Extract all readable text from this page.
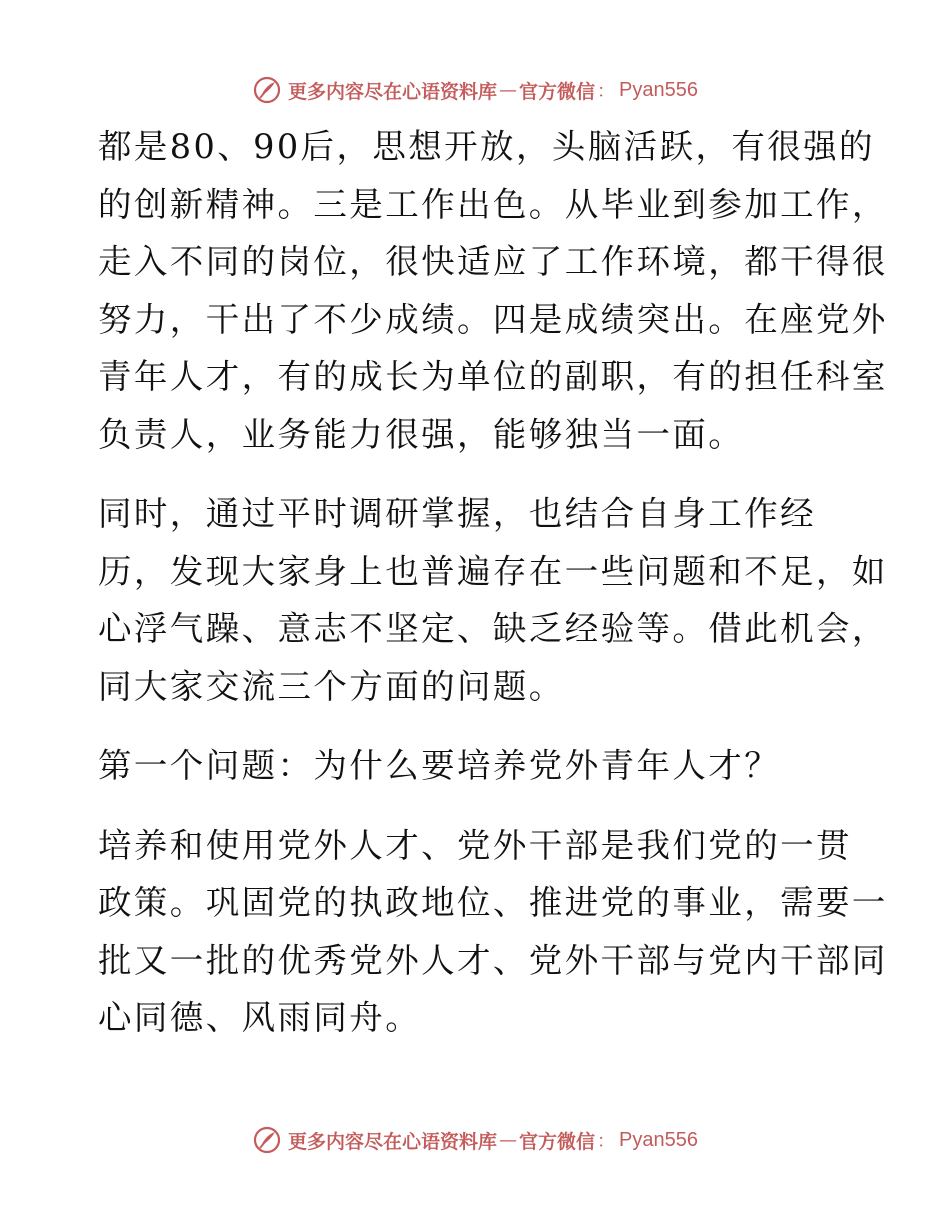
更多内容尽在心语资料库 — 官方微信 ： Pyan556

都是80、90后，思想开放，头脑活跃，有很强的
的创新精神。三是工作出色。从毕业到参加工作，
走入不同的岗位，很快适应了工作环境，都干得很
努力，干出了不少成绩。四是成绩突出。在座党外
青年人才，有的成长为单位的副职，有的担任科室
负责人，业务能力很强，能够独当一面。

同时，通过平时调研掌握，也结合自身工作经
历，发现大家身上也普遍存在一些问题和不足，如
心浮气躁、意志不坚定、缺乏经验等。借此机会，
同大家交流三个方面的问题。

第一个问题：为什么要培养党外青年人才？

培养和使用党外人才、党外干部是我们党的一贯
政策。巩固党的执政地位、推进党的事业，需要一
批又一批的优秀党外人才、党外干部与党内干部同
心同德、风雨同舟。

更多内容尽在心语资料库 — 官方微信 ： Pyan556
